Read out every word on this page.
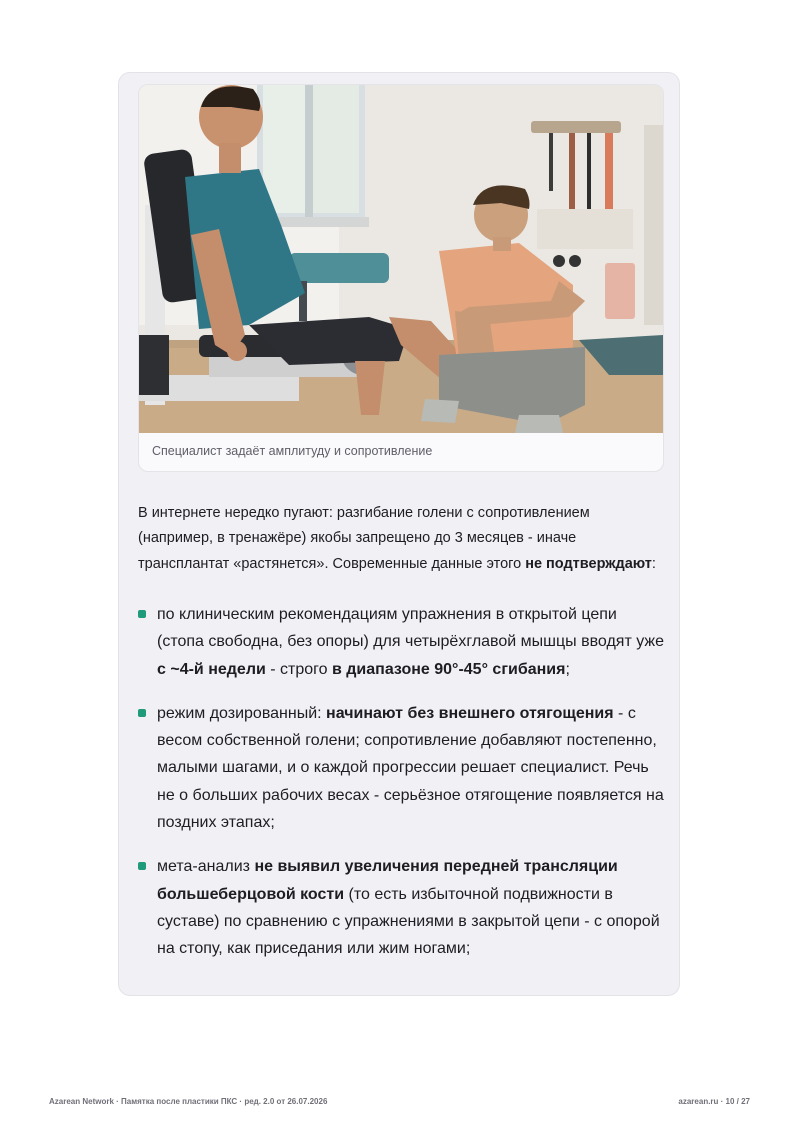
Специалист задаёт амплитуду и сопротивление

В интернете нередко пугают: разгибание голени с сопротивлением (например, в тренажёре) якобы запрещено до 3 месяцев - иначе трансплантат «растянется». Современные данные этого не подтверждают:

по клиническим рекомендациям упражнения в открытой цепи (стопа свободна, без опоры) для четырёхглавой мышцы вводят уже с ~4-й недели - строго в диапазоне 90°-45° сгибания;
режим дозированный: начинают без внешнего отягощения - с весом собственной голени; сопротивление добавляют постепенно, малыми шагами, и о каждой прогрессии решает специалист. Речь не о больших рабочих весах - серьёзное отягощение появляется на поздних этапах;
мета-анализ не выявил увеличения передней трансляции большеберцовой кости (то есть избыточной подвижности в суставе) по сравнению с упражнениями в закрытой цепи - с опорой на стопу, как приседания или жим ногами;
Azarean Network · Памятка после пластики ПКС · ред. 2.0 от 26.07.2026	azarean.ru · 10 / 27
